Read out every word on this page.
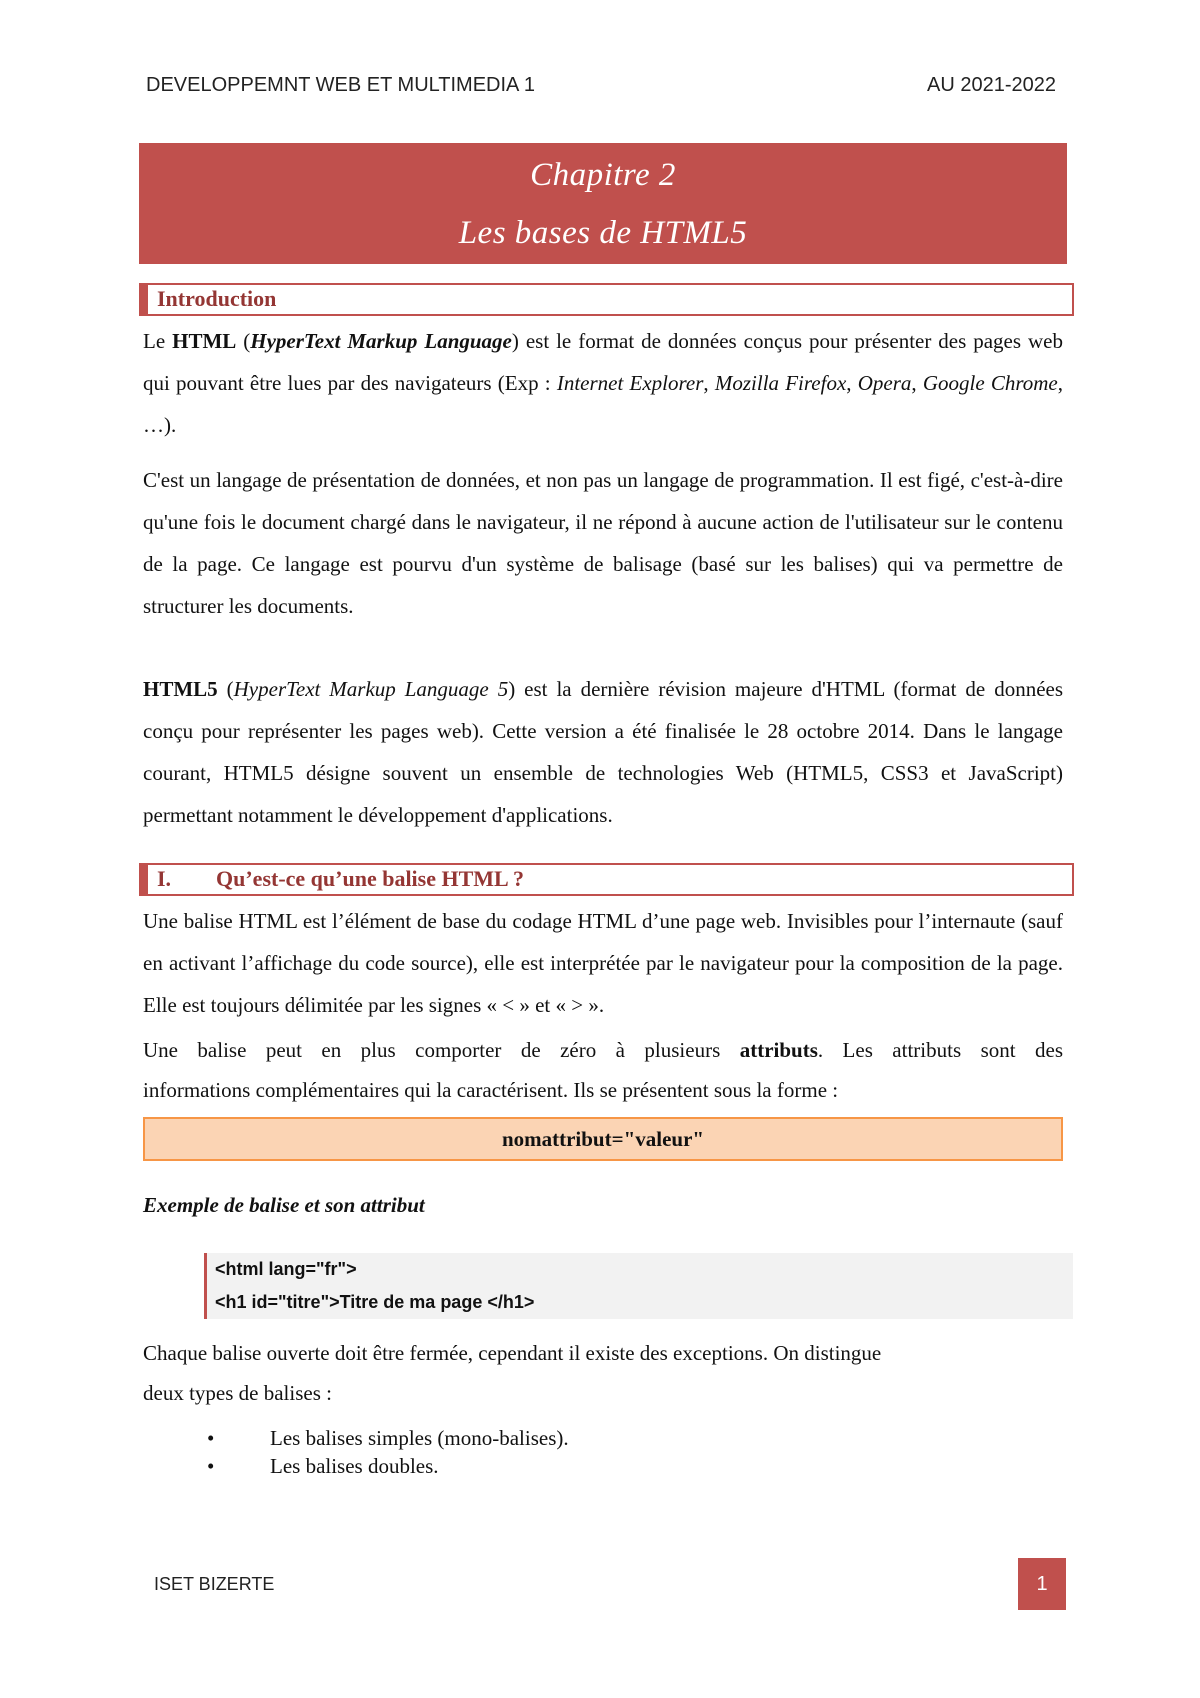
DEVELOPPEMNT WEB ET MULTIMEDIA 1	AU 2021-2022
Chapitre 2
Les bases de HTML5
Introduction
Le HTML (HyperText Markup Language) est le format de données conçus pour présenter des pages web qui pouvant être lues par des navigateurs (Exp : Internet Explorer, Mozilla Firefox, Opera, Google Chrome, …).
C'est un langage de présentation de données, et non pas un langage de programmation. Il est figé, c'est-à-dire qu'une fois le document chargé dans le navigateur, il ne répond à aucune action de l'utilisateur sur le contenu de la page. Ce langage est pourvu d'un système de balisage (basé sur les balises) qui va permettre de structurer les documents.
HTML5 (HyperText Markup Language 5) est la dernière révision majeure d'HTML (format de données conçu pour représenter les pages web). Cette version a été finalisée le 28 octobre 2014. Dans le langage courant, HTML5 désigne souvent un ensemble de technologies Web (HTML5, CSS3 et JavaScript) permettant notamment le développement d'applications.
I. Qu’est-ce qu’une balise HTML ?
Une balise HTML est l’élément de base du codage HTML d’une page web. Invisibles pour l’internaute (sauf en activant l’affichage du code source), elle est interprétée par le navigateur pour la composition de la page. Elle est toujours délimitée par les signes « < » et « > ».
Une balise peut en plus comporter de zéro à plusieurs attributs. Les attributs sont des
informations complémentaires qui la caractérisent. Ils se présentent sous la forme :
nomattribut="valeur"
Exemple de balise et son attribut
<html lang="fr">
<h1 id="titre">Titre de ma page </h1>
Chaque balise ouverte doit être fermée, cependant il existe des exceptions. On distingue
deux types de balises :
•	Les balises simples (mono-balises).
•	Les balises doubles.
ISET BIZERTE	1
